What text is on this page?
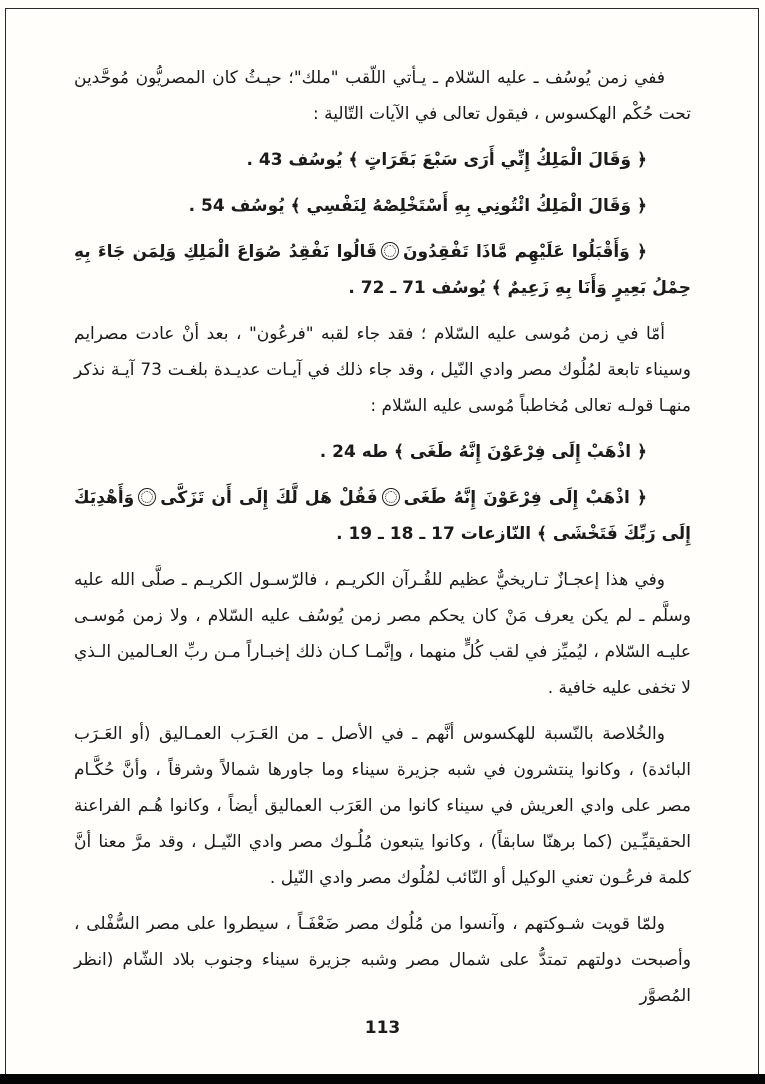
ففي زمن يُوسُف ـ عليه السّلام ـ يـأتي اللّقب "ملك"؛ حيـثُ كان المصريُّون مُوحَّدين تحت حُكْم الهكسوس ، فيقول تعالى في الآيات التّالية :

﴿ وَقَالَ الْمَلِكُ إِنِّي أَرَى سَبْعَ بَقَرَاتٍ ﴾ يُوسُف 43 .

﴿ وَقَالَ الْمَلِكُ ائْتُونِي بِهِ أَسْتَخْلِصْهُ لِنَفْسِي ﴾ يُوسُف 54 .

﴿ وَأَقْبَلُوا عَلَيْهِم مَّاذَا تَفْقِدُونَقَالُوا نَفْقِدُ صُوَاعَ الْمَلِكِ وَلِمَن جَاءَ بِهِ حِمْلُ بَعِيرٍ وَأَنَا بِهِ زَعِيمٌ ﴾ يُوسُف 71 ـ 72 .

أمّا في زمن مُوسى عليه السّلام ؛ فقد جاء لقبه "فرعُون" ، بعد أنْ عادت مصرايم وسيناء تابعة لمُلُوك مصر وادي النّيل ، وقد جاء ذلك في آيـات عديـدة بلغـت 73 آيـة نذكر منهـا قولـه تعالى مُخاطباً مُوسى عليه السّلام :

﴿ اذْهَبْ إِلَى فِرْعَوْنَ إِنَّهُ طَغَى ﴾ طه 24 .

﴿ اذْهَبْ إِلَى فِرْعَوْنَ إِنَّهُ طَغَىفَقُلْ هَل لَّكَ إِلَى أَن تَزَكَّىوَأَهْدِيَكَ إِلَى رَبِّكَ فَتَخْشَى ﴾ النّازعات 17 ـ 18 ـ 19 .

وفي هذا إعجـازٌ تـاريخيٌّ عظيم للقُـرآن الكريـم ، فالرّسـول الكريـم ـ صلَّى الله عليه وسلَّم ـ لم يكن يعرف مَنْ كان يحكم مصر زمن يُوسُف عليه السّلام ، ولا زمن مُوسـى عليـه السّلام ، ليُميِّز في لقب كُلٍّ منهما ، وإنَّمـا كـان ذلك إخبـاراً مـن ربِّ العـالمين الـذي لا تخفى عليه خافية .

والخُلاصة بالنّسبة للهكسوس أنَّهم ـ في الأصل ـ من العَـرَب العمـاليق (أو العَـرَب البائدة) ، وكانوا ينتشرون في شبه جزيرة سيناء وما جاورها شمالاً وشرقاً ، وأنَّ حُكَّـام مصر على وادي العريش في سيناء كانوا من العَرَب العماليق أيضاً ، وكانوا هُـم الفراعنة الحقيقيِّـين (كما برهنّا سابقاً) ، وكانوا يتبعون مُلُـوك مصر وادي النّيـل ، وقد مرَّ معنا أنَّ كلمة فرعُـون تعني الوكيل أو النّائب لمُلُوك مصر وادي النّيل .

ولمّا قويت شـوكتهم ، وآنسوا من مُلُوك مصر ضَعْفَـاً ، سيطروا على مصر السُّفْلى ، وأصبحت دولتهم تمتدُّ على شمال مصر وشبه جزيرة سيناء وجنوب بلاد الشّام (انظر المُصوَّر

113
